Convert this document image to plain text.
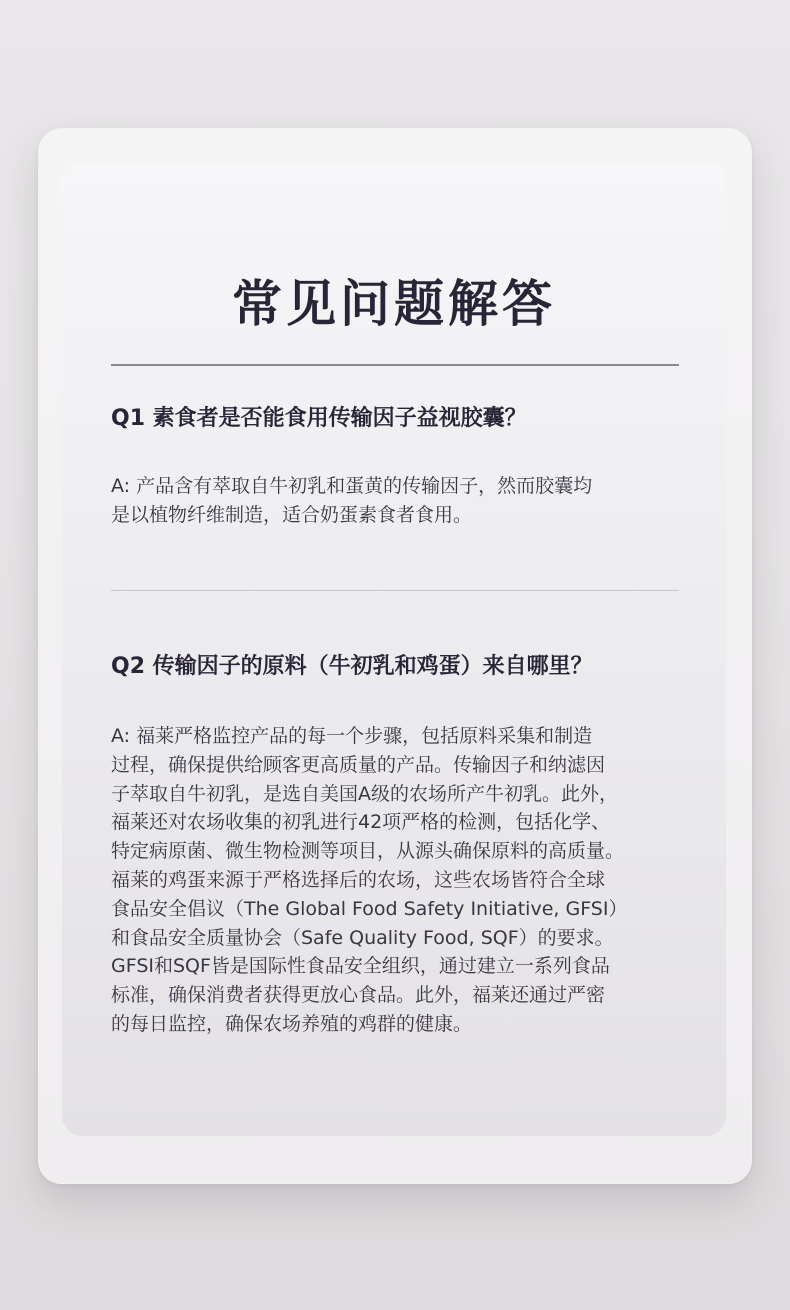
常见问题解答
Q1 素食者是否能食用传输因子益视胶囊？
A: 产品含有萃取自牛初乳和蛋黄的传输因子，然而胶囊均
是以植物纤维制造，适合奶蛋素食者食用。
Q2 传输因子的原料（牛初乳和鸡蛋）来自哪里？
A: 福莱严格监控产品的每一个步骤，包括原料采集和制造
过程，确保提供给顾客更高质量的产品。传输因子和纳滤因
子萃取自牛初乳，是选自美国A级的农场所产牛初乳。此外，
福莱还对农场收集的初乳进行42项严格的检测，包括化学、
特定病原菌、微生物检测等项目，从源头确保原料的高质量。
福莱的鸡蛋来源于严格选择后的农场，这些农场皆符合全球
食品安全倡议（The Global Food Safety Initiative, GFSI）
和食品安全质量协会（Safe Quality Food, SQF）的要求。
GFSI和SQF皆是国际性食品安全组织，通过建立一系列食品
标准，确保消费者获得更放心食品。此外，福莱还通过严密
的每日监控，确保农场养殖的鸡群的健康。
